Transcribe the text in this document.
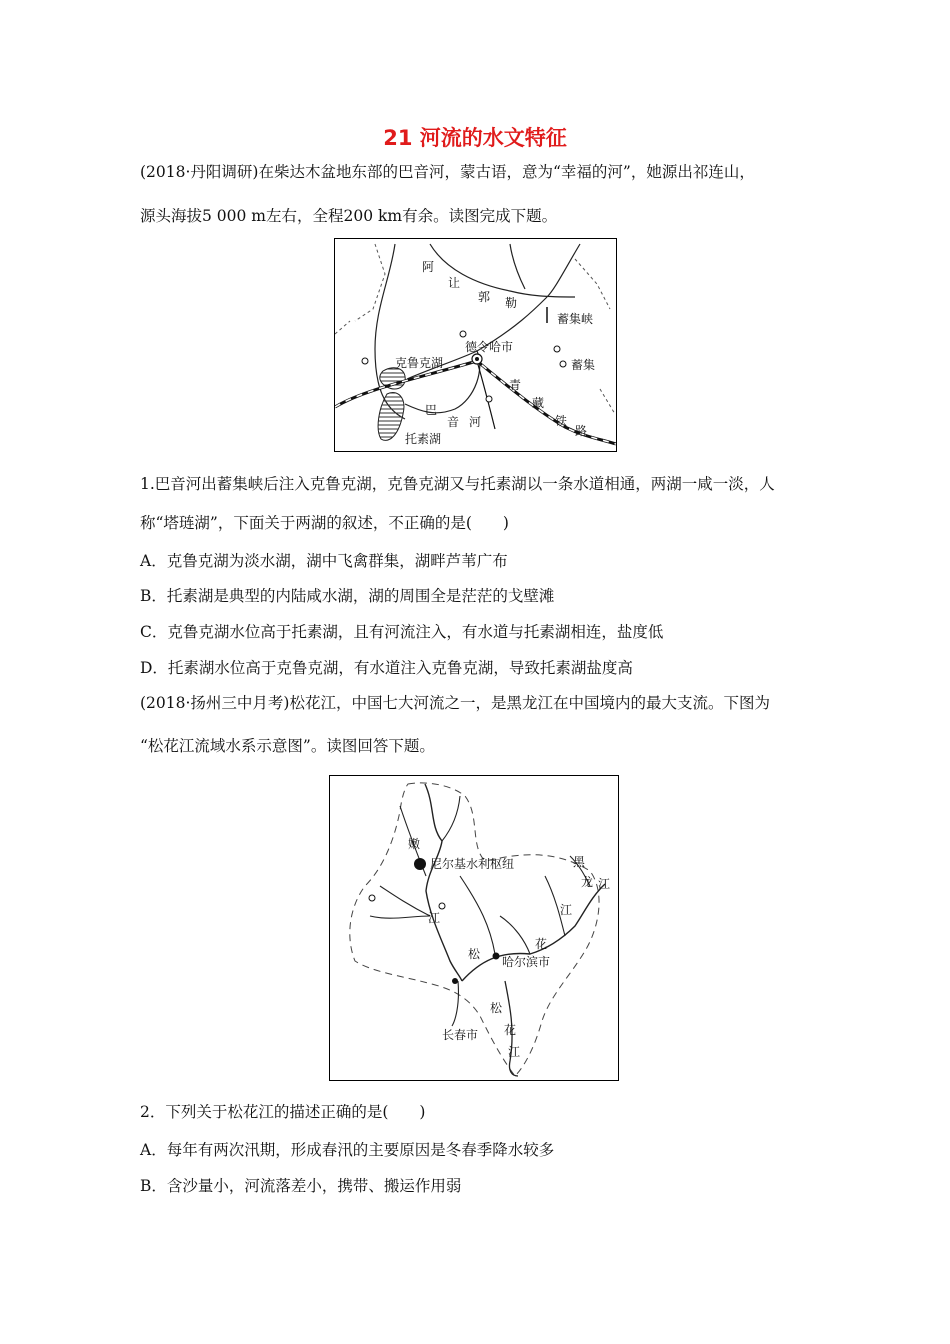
21 河流的水文特征
(2018·丹阳调研)在柴达木盆地东部的巴音河，蒙古语，意为“幸福的河”，她源出祁连山，
源头海拔5 000 m左右，全程200 km有余。读图完成下题。
阿
让
郭 勒
蓄集峡
德令哈市
克鲁克湖	蓄集
青
藏
巴
音 河	铁
路
托素湖
1.巴音河出蓄集峡后注入克鲁克湖，克鲁克湖又与托素湖以一条水道相通，两湖一咸一淡，人
称“塔琏湖”，下面关于两湖的叙述，不正确的是(　　)
A．克鲁克湖为淡水湖，湖中飞禽群集，湖畔芦苇广布
B．托素湖是典型的内陆咸水湖，湖的周围全是茫茫的戈壁滩
C．克鲁克湖水位高于托素湖，且有河流注入，有水道与托素湖相连，盐度低
D．托素湖水位高于克鲁克湖，有水道注入克鲁克湖，导致托素湖盐度高
(2018·扬州三中月考)松花江，中国七大河流之一，是黑龙江在中国境内的最大支流。下图为
“松花江流域水系示意图”。读图回答下题。
嫩
尼尔基水利枢纽	黑
龙 江
江
江
花
松
哈尔滨市
长春市
松
花
江
2．下列关于松花江的描述正确的是(　　)
A．每年有两次汛期，形成春汛的主要原因是冬春季降水较多
B．含沙量小，河流落差小，携带、搬运作用弱
